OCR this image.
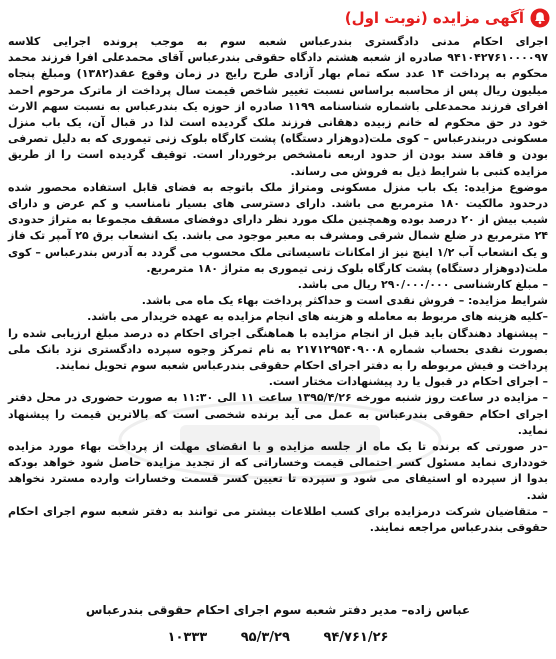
آگهی مزایده (نوبت اول)

اجرای احکام مدنی دادگستری بندرعباس شعبه سوم به موجب پرونده اجرایی کلاسه ۹۴۱۰۴۲۷۶۱۰۰۰۰۹۷ صادره از شعبه هشتم دادگاه حقوقی بندرعباس آقای محمدعلی افرا فرزند محمد محکوم به پرداخت ۱۴ عدد سکه تمام بهار آزادی طرح رایج در زمان وقوع عقد(۱۳۸۲) ومبلغ پنجاه میلیون ریال پس از محاسبه براساس نسبت تغییر شاخص قیمت سال پرداخت از ماترک مرحوم احمد افرای فرزند محمدعلی باشماره شناسنامه ۱۱۹۹ صادره از حوزه یک بندرعباس به نسبت سهم الارث خود در حق محکوم له خانم زبیده دهقانی فرزند ملک گردیده است لذا در قبال آن، یک باب منزل مسکونی دربندرعباس – کوی ملت(دوهزار دستگاه) پشت کارگاه بلوک زنی تیموری که به دلیل تصرفی بودن و فاقد سند بودن از حدود اربعه نامشخص برخوردار است. توقیف گردیده است را از طریق مزایده کتبی با شرایط ذیل به فروش می رساند.

موضوع مزایده: یک باب منزل مسکونی ومتراژ ملک باتوجه به فضای قابل استفاده محصور شده درحدود مالکیت ۱۸۰ مترمربع می باشد. دارای دسترسی های بسیار نامناسب و کم عرض و دارای شیب بیش از ۲۰ درصد بوده وهمچنین ملک مورد نظر دارای دوفضای مسقف مجموعا به متراژ حدودی ۲۴ مترمربع در ضلع شمال شرقی ومشرف به معبر موجود می باشد. یک انشعاب برق ۲۵ آمپر تک فاز و یک انشعاب آب ۱/۲ اینچ نیز از امکانات تاسیساتی ملک محسوب می گردد به آدرس بندرعباس – کوی ملت(دوهزار دستگاه) پشت کارگاه بلوک زنی تیموری به متراژ ۱۸۰ مترمربع.

– مبلغ کارشناسی ۲۹۰/۰۰۰/۰۰۰ ریال می باشد.

شرایط مزایده: – فروش نقدی است و حداکثر پرداخت بهاء یک ماه می باشد.

–کلیه هزینه های مربوط به معامله و هزینه های انجام مزایده به عهده خریدار می باشد.

– پیشنهاد دهندگان باید قبل از انجام مزایده با هماهنگی اجرای احکام ده درصد مبلغ ارزیابی شده را بصورت نقدی بحساب شماره ۲۱۷۱۲۹۵۴۰۹۰۰۸ به نام تمرکز وجوه سپرده دادگستری نزد بانک ملی پرداخت و فیش مربوطه را به دفتر اجرای احکام حقوقی بندرعباس شعبه سوم تحویل نمایند.

– اجرای احکام در قبول یا رد پیشنهادات مختار است.

– مزایده در ساعت روز شنبه مورخه ۱۳۹۵/۴/۲۶ ساعت ۱۱ الی ۱۱:۳۰ به صورت حضوری در محل دفتر اجرای احکام حقوقی بندرعباس به عمل می آید برنده شخصی است که بالاترین قیمت را پیشنهاد نماید.

–در صورتی که برنده تا یک ماه از جلسه مزایده و با انقضای مهلت از پرداخت بهاء مورد مزایده خودداری نماید مسئول کسر احتمالی قیمت وخساراتی که از تجدید مزایده حاصل شود خواهد بودکه بدوا از سپرده او استیفای می شود و سپرده تا تعیین کسر قسمت وخسارات وارده مسترد نخواهد شد.

– متقاضیان شرکت درمزایده برای کسب اطلاعات بیشتر می توانند به دفتر شعبه سوم اجرای احکام حقوقی بندرعباس مراجعه نمایند.

عباس زاده– مدیر دفتر شعبه سوم اجرای احکام حقوقی بندرعباس
۹۴/۷۶۱/۲۶ ۹۵/۳/۲۹ ۱۰۳۳۳
